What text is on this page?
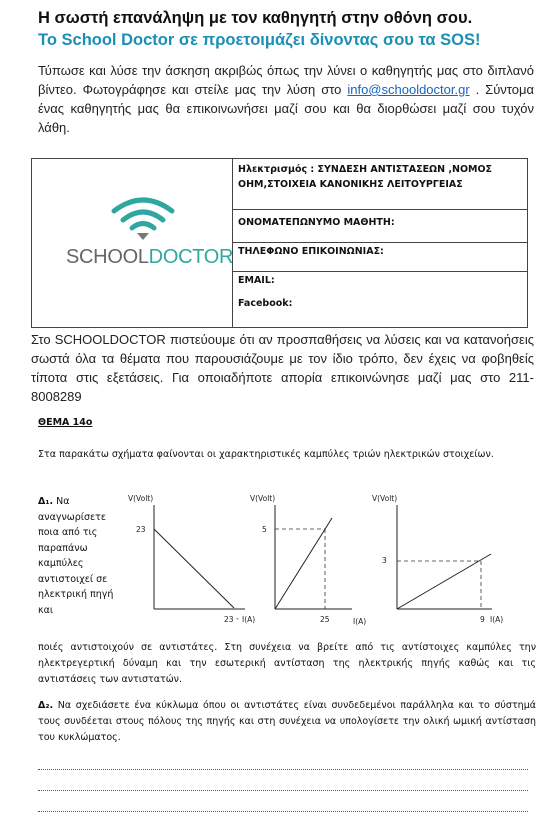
Η σωστή επανάληψη με τον καθηγητή στην οθόνη σου.
Το School Doctor σε προετοιμάζει δίνοντας σου τα SOS!
Τύπωσε και λύσε την άσκηση ακριβώς όπως την λύνει ο καθηγητής μας στο διπλανό βίντεο. Φωτογράφησε και στείλε μας την λύση στο info@schooldoctor.gr . Σύντομα ένας καθηγητής μας θα επικοινωνήσει μαζί σου και θα διορθώσει μαζί σου τυχόν λάθη.
SCHOOLDOCTOR
	Ηλεκτρισμός : ΣΥΝΔΕΣΗ ΑΝΤΙΣΤΑΣΕΩΝ ,ΝΟΜΟΣ ΟΗΜ,ΣΤΟΙΧΕΙΑ ΚΑΝΟΝΙΚΗΣ ΛΕΙΤΟΥΡΓΕΙΑΣ
ΟΝΟΜΑΤΕΠΩΝΥΜΟ ΜΑΘΗΤΗ:
ΤΗΛΕΦΩΝΟ ΕΠΙΚΟΙΝΩΝΙΑΣ:
EMAIL:
Facebook:
Στο SCHOOLDOCTOR πιστεύουμε ότι αν προσπαθήσεις να λύσεις και να κατανοήσεις σωστά όλα τα θέματα που παρουσιάζουμε με τον ίδιο τρόπο, δεν έχεις να φοβηθείς τίποτα στις εξετάσεις. Για οποιαδήποτε απορία επικοινώνησε μαζί μας στο 211-8008289
ΘΕΜΑ 14ο
Στα παρακάτω σχήματα φαίνονται οι χαρακτηριστικές καμπύλες τριών ηλεκτρικών στοιχείων.
Δ₁. Να αναγνωρίσετε ποια από τις παραπάνω καμπύλες αντιστοιχεί σε ηλεκτρική πηγή και
ποιές αντιστοιχούν σε αντιστάτες. Στη συνέχεια να βρείτε από τις αντίστοιχες καμπύλες την ηλεκτρεγερτική δύναμη και την εσωτερική αντίσταση της ηλεκτρικής πηγής καθώς και τις αντιστάσεις των αντιστατών.
Δ₂. Να σχεδιάσετε ένα κύκλωμα όπου οι αντιστάτες είναι συνδεδεμένοι παράλληλα και το σύστημά τους συνδέεται στους πόλους της πηγής και στη συνέχεια να υπολογίσετε την ολική ωμική αντίσταση του κυκλώματος.
V(Volt)
23
23 - I(A)
V(Volt)
5
25	I(A)
V(Volt)
3
9 I(A)
